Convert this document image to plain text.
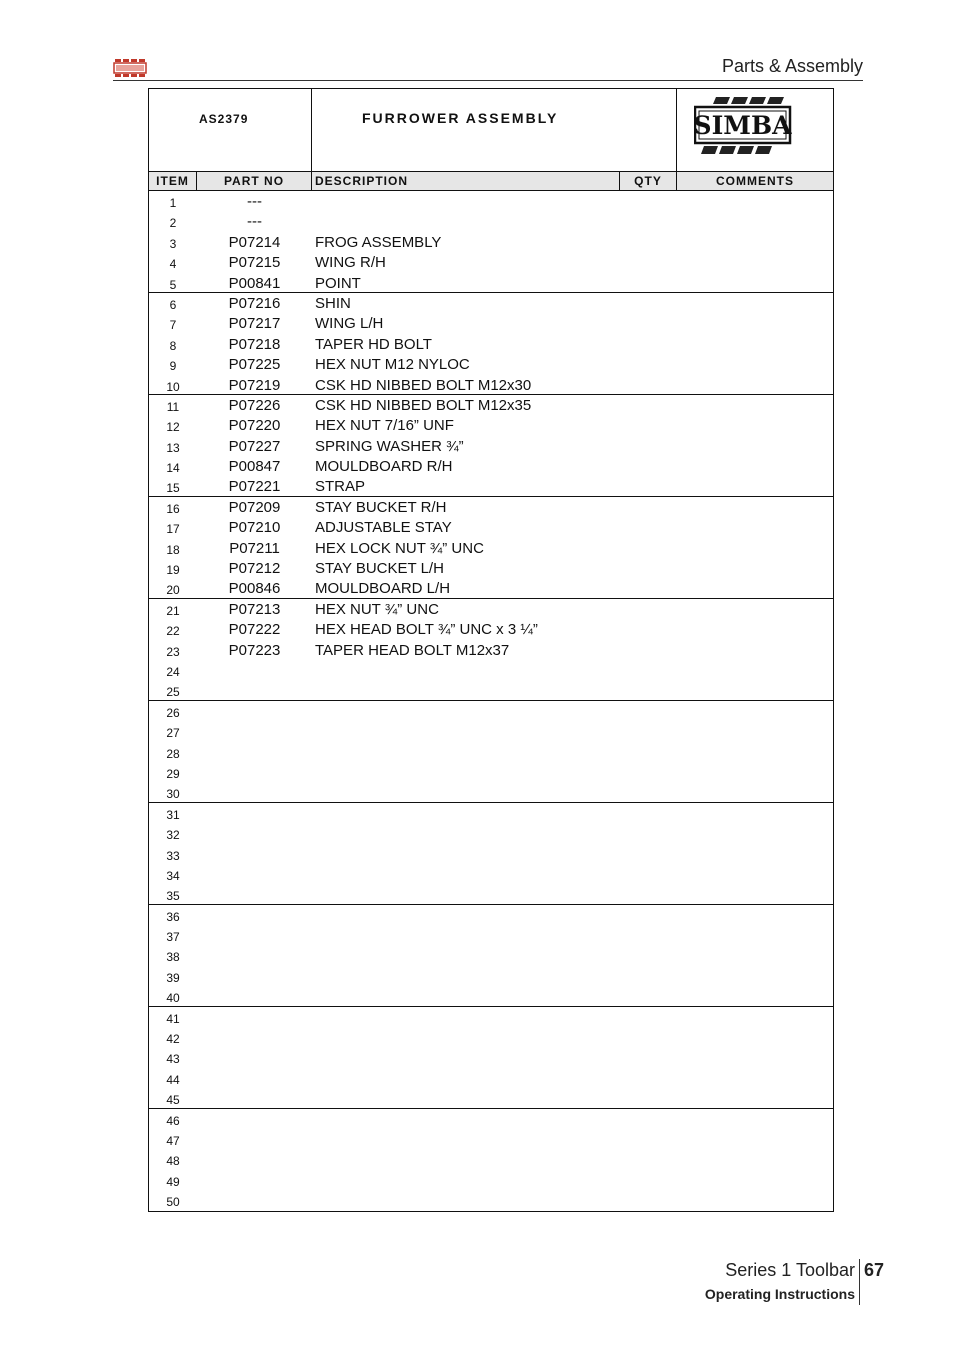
Parts & Assembly
AS2379	FURROWER ASSEMBLY	SIMBA
ITEM	PART NO	DESCRIPTION	QTY	COMMENTS
1	---
2	---
3	P07214	FROG ASSEMBLY
4	P07215	WING R/H
5	P00841	POINT
6	P07216	SHIN
7	P07217	WING L/H
8	P07218	TAPER HD BOLT
9	P07225	HEX NUT M12 NYLOC
10	P07219	CSK HD NIBBED BOLT M12x30
11	P07226	CSK HD NIBBED BOLT M12x35
12	P07220	HEX NUT 7/16” UNF
13	P07227	SPRING WASHER ¾”
14	P00847	MOULDBOARD R/H
15	P07221	STRAP
16	P07209	STAY BUCKET R/H
17	P07210	ADJUSTABLE STAY
18	P07211	HEX LOCK NUT ¾” UNC
19	P07212	STAY BUCKET L/H
20	P00846	MOULDBOARD L/H
21	P07213	HEX NUT ¾” UNC
22	P07222	HEX HEAD BOLT ¾” UNC x 3 ¼”
23	P07223	TAPER HEAD BOLT M12x37
24
25
26
27
28
29
30
31
32
33
34
35
36
37
38
39
40
41
42
43
44
45
46
47
48
49
50
Series 1 Toolbar 67
Operating Instructions
